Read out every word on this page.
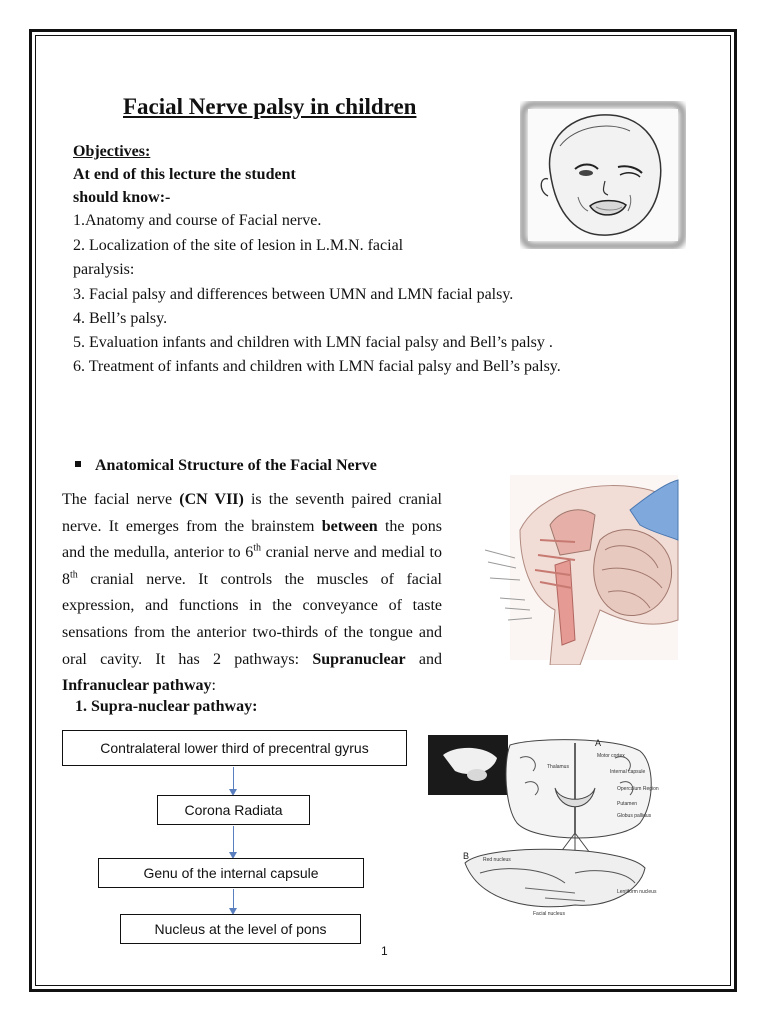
Facial Nerve palsy in children
Objectives:
At end of this lecture the student
should know:-
1.Anatomy and course of Facial nerve.
2. Localization of the site of lesion in L.M.N. facial
paralysis:
3. Facial palsy and differences between UMN and LMN facial palsy.
4. Bell’s palsy.
5. Evaluation infants and children with LMN facial palsy and Bell’s palsy .
6. Treatment of infants and children with LMN facial palsy and Bell’s palsy.
Anatomical Structure of the Facial Nerve
The facial nerve (CN VII) is the seventh paired cranial nerve. It emerges from the brainstem between the pons and the medulla, anterior to 6th cranial nerve and medial to 8th cranial nerve. It controls the muscles of facial expression, and functions in the conveyance of taste sensations from the anterior two-thirds of the tongue and oral cavity. It has 2 pathways: Supranuclear and Infranuclear pathway:
1. Supra-nuclear pathway:
Contralateral lower third of precentral gyrus
Corona Radiata
Genu of the internal capsule
Nucleus at the level of pons
A
B
Motor cortex
Internal capsule
Thalamus
Operculum Region
Putamen
Globus pallidus
Red nucleus
Facial nucleus
Lentiform nucleus
1
